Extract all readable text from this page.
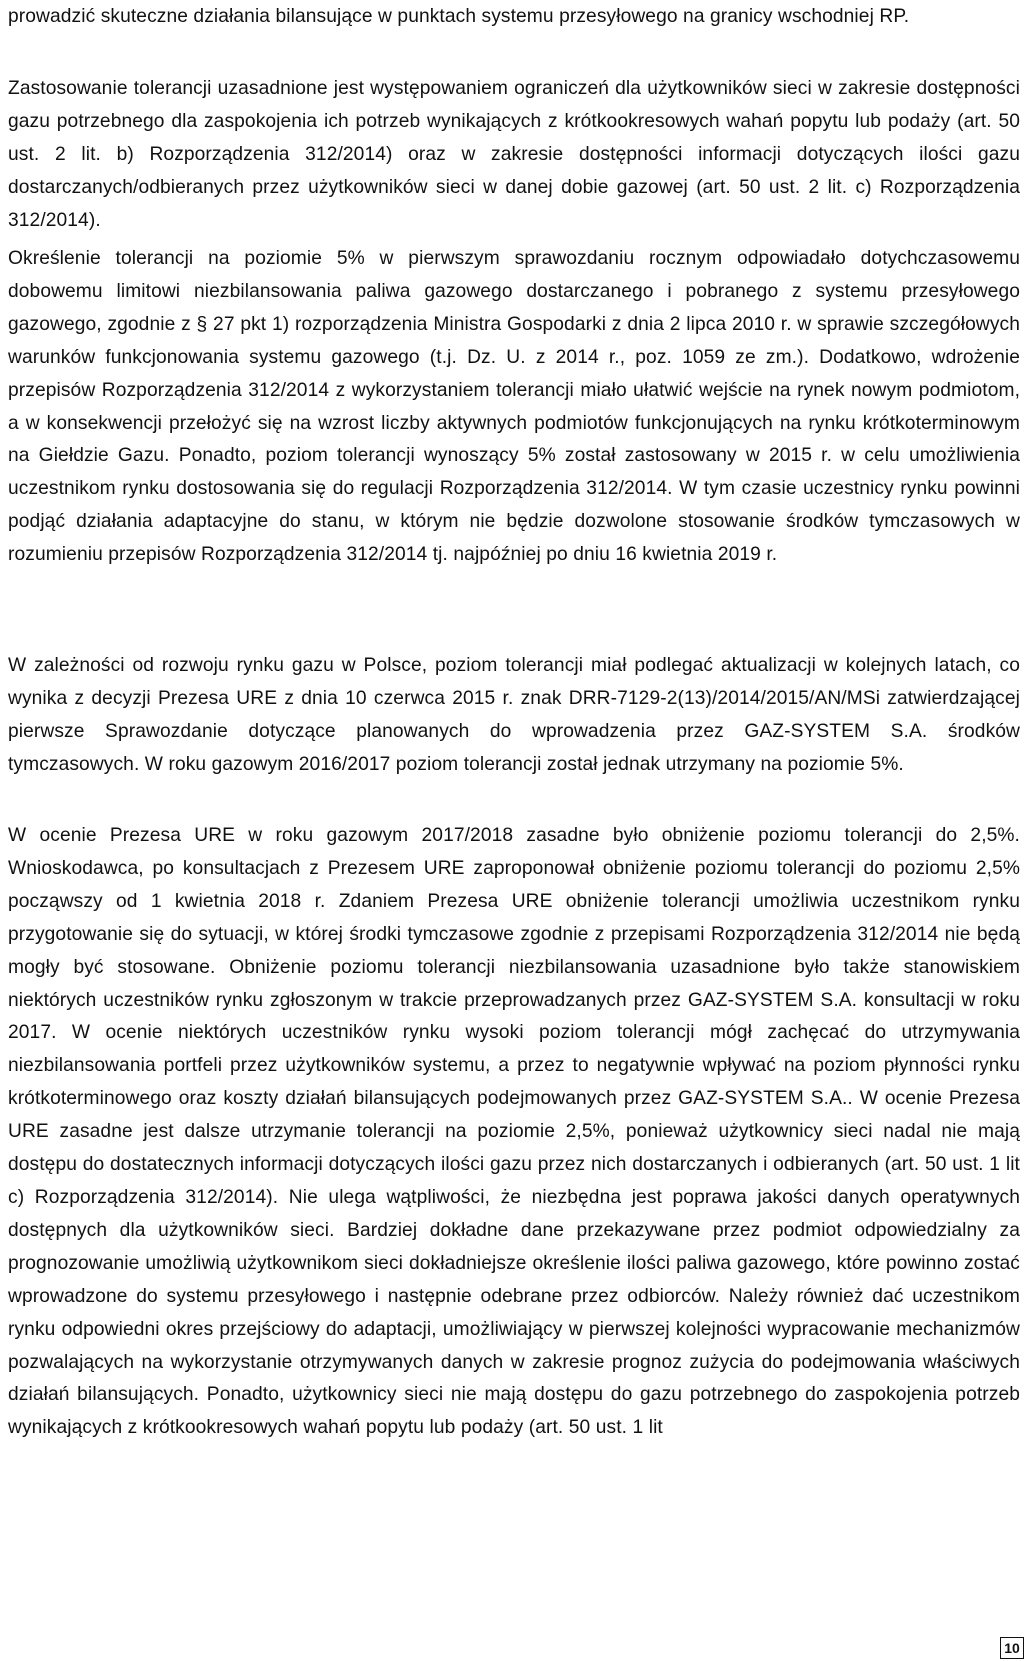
prowadzić skuteczne działania bilansujące w punktach systemu przesyłowego na granicy wschodniej RP.

Zastosowanie tolerancji uzasadnione jest występowaniem ograniczeń dla użytkowników sieci w zakresie dostępności gazu potrzebnego dla zaspokojenia ich potrzeb wynikających z krótkookresowych wahań popytu lub podaży (art. 50 ust. 2 lit. b) Rozporządzenia 312/2014) oraz w zakresie dostępności informacji dotyczących ilości gazu dostarczanych/odbieranych przez użytkowników sieci w danej dobie gazowej (art. 50 ust. 2 lit. c) Rozporządzenia 312/2014).

Określenie tolerancji na poziomie 5% w pierwszym sprawozdaniu rocznym odpowiadało dotychczasowemu dobowemu limitowi niezbilansowania paliwa gazowego dostarczanego i pobranego z systemu przesyłowego gazowego, zgodnie z § 27 pkt 1) rozporządzenia Ministra Gospodarki z dnia 2 lipca 2010 r. w sprawie szczegółowych warunków funkcjonowania systemu gazowego (t.j. Dz. U. z 2014 r., poz. 1059 ze zm.). Dodatkowo, wdrożenie przepisów Rozporządzenia 312/2014 z wykorzystaniem tolerancji miało ułatwić wejście na rynek nowym podmiotom, a w konsekwencji przełożyć się na wzrost liczby aktywnych podmiotów funkcjonujących na rynku krótkoterminowym na Giełdzie Gazu. Ponadto, poziom tolerancji wynoszący 5% został zastosowany w 2015 r. w celu umożliwienia uczestnikom rynku dostosowania się do regulacji Rozporządzenia 312/2014. W tym czasie uczestnicy rynku powinni podjąć działania adaptacyjne do stanu, w którym nie będzie dozwolone stosowanie środków tymczasowych w rozumieniu przepisów Rozporządzenia 312/2014 tj. najpóźniej po dniu 16 kwietnia 2019 r.

W zależności od rozwoju rynku gazu w Polsce, poziom tolerancji miał podlegać aktualizacji w kolejnych latach, co wynika z decyzji Prezesa URE z dnia 10 czerwca 2015 r. znak DRR-7129-2(13)/2014/2015/AN/MSi zatwierdzającej pierwsze Sprawozdanie dotyczące planowanych do wprowadzenia przez GAZ-SYSTEM S.A. środków tymczasowych. W roku gazowym 2016/2017 poziom tolerancji został jednak utrzymany na poziomie 5%.

W ocenie Prezesa URE w roku gazowym 2017/2018 zasadne było obniżenie poziomu tolerancji do 2,5%. Wnioskodawca, po konsultacjach z Prezesem URE zaproponował obniżenie poziomu tolerancji do poziomu 2,5% począwszy od 1 kwietnia 2018 r. Zdaniem Prezesa URE obniżenie tolerancji umożliwia uczestnikom rynku przygotowanie się do sytuacji, w której środki tymczasowe zgodnie z przepisami Rozporządzenia 312/2014 nie będą mogły być stosowane. Obniżenie poziomu tolerancji niezbilansowania uzasadnione było także stanowiskiem niektórych uczestników rynku zgłoszonym w trakcie przeprowadzanych przez GAZ-SYSTEM S.A. konsultacji w roku 2017. W ocenie niektórych uczestników rynku wysoki poziom tolerancji mógł zachęcać do utrzymywania niezbilansowania portfeli przez użytkowników systemu, a przez to negatywnie wpływać na poziom płynności rynku krótkoterminowego oraz koszty działań bilansujących podejmowanych przez GAZ-SYSTEM S.A.. W ocenie Prezesa URE zasadne jest dalsze utrzymanie tolerancji na poziomie 2,5%, ponieważ użytkownicy sieci nadal nie mają dostępu do dostatecznych informacji dotyczących ilości gazu przez nich dostarczanych i odbieranych (art. 50 ust. 1 lit c) Rozporządzenia 312/2014). Nie ulega wątpliwości, że niezbędna jest poprawa jakości danych operatywnych dostępnych dla użytkowników sieci. Bardziej dokładne dane przekazywane przez podmiot odpowiedzialny za prognozowanie umożliwią użytkownikom sieci dokładniejsze określenie ilości paliwa gazowego, które powinno zostać wprowadzone do systemu przesyłowego i następnie odebrane przez odbiorców. Należy również dać uczestnikom rynku odpowiedni okres przejściowy do adaptacji, umożliwiający w pierwszej kolejności wypracowanie mechanizmów pozwalających na wykorzystanie otrzymywanych danych w zakresie prognoz zużycia do podejmowania właściwych działań bilansujących. Ponadto, użytkownicy sieci nie mają dostępu do gazu potrzebnego do zaspokojenia potrzeb wynikających z krótkookresowych wahań popytu lub podaży (art. 50 ust. 1 lit

10
